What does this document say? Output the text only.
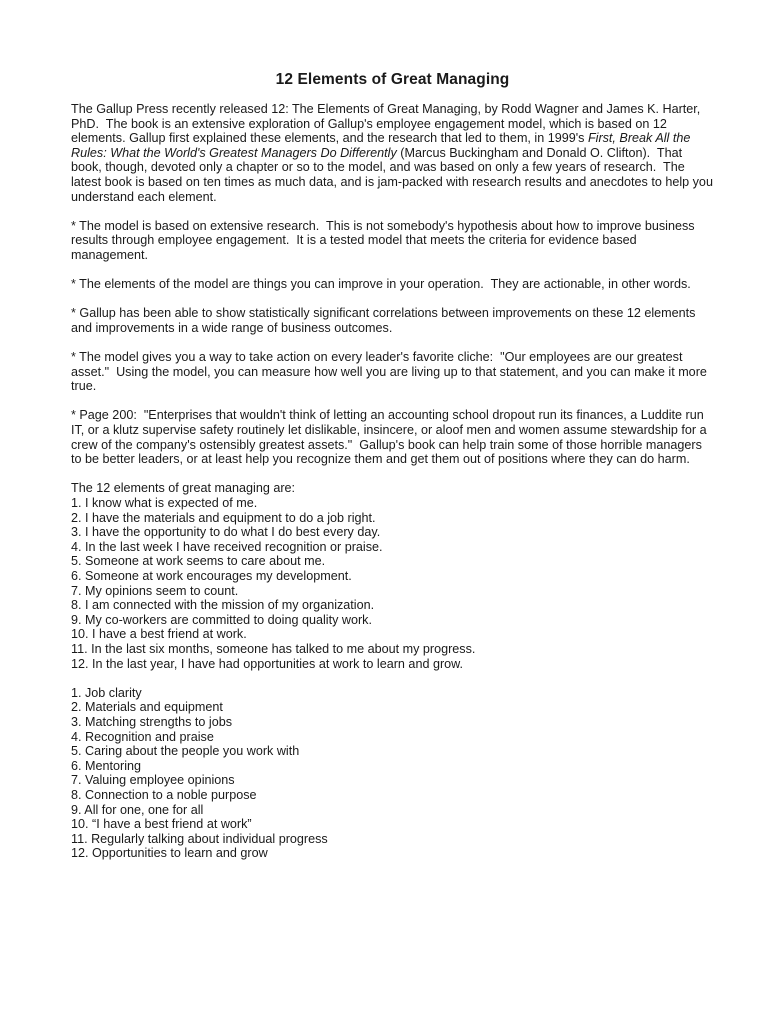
12 Elements of Great Managing

The Gallup Press recently released 12: The Elements of Great Managing, by Rodd Wagner and James K. Harter, PhD.  The book is an extensive exploration of Gallup's employee engagement model, which is based on 12 elements. Gallup first explained these elements, and the research that led to them, in 1999's First, Break All the Rules: What the World's Greatest Managers Do Differently (Marcus Buckingham and Donald O. Clifton).  That book, though, devoted only a chapter or so to the model, and was based on only a few years of research.  The latest book is based on ten times as much data, and is jam-packed with research results and anecdotes to help you understand each element.

* The model is based on extensive research.  This is not somebody's hypothesis about how to improve business results through employee engagement.  It is a tested model that meets the criteria for evidence based management.

* The elements of the model are things you can improve in your operation.  They are actionable, in other words.

* Gallup has been able to show statistically significant correlations between improvements on these 12 elements and improvements in a wide range of business outcomes.

* The model gives you a way to take action on every leader's favorite cliche:  "Our employees are our greatest asset."  Using the model, you can measure how well you are living up to that statement, and you can make it more true.

* Page 200:  "Enterprises that wouldn't think of letting an accounting school dropout run its finances, a Luddite run IT, or a klutz supervise safety routinely let dislikable, insincere, or aloof men and women assume stewardship for a crew of the company's ostensibly greatest assets."  Gallup's book can help train some of those horrible managers to be better leaders, or at least help you recognize them and get them out of positions where they can do harm.

The 12 elements of great managing are:
1. I know what is expected of me.
2. I have the materials and equipment to do a job right.
3. I have the opportunity to do what I do best every day.
4. In the last week I have received recognition or praise.
5. Someone at work seems to care about me.
6. Someone at work encourages my development.
7. My opinions seem to count.
8. I am connected with the mission of my organization.
9. My co-workers are committed to doing quality work.
10. I have a best friend at work.
11. In the last six months, someone has talked to me about my progress.
12. In the last year, I have had opportunities at work to learn and grow.
1. Job clarity
2. Materials and equipment
3. Matching strengths to jobs
4. Recognition and praise
5. Caring about the people you work with
6. Mentoring
7. Valuing employee opinions
8. Connection to a noble purpose
9. All for one, one for all
10. “I have a best friend at work”
11. Regularly talking about individual progress
12. Opportunities to learn and grow
